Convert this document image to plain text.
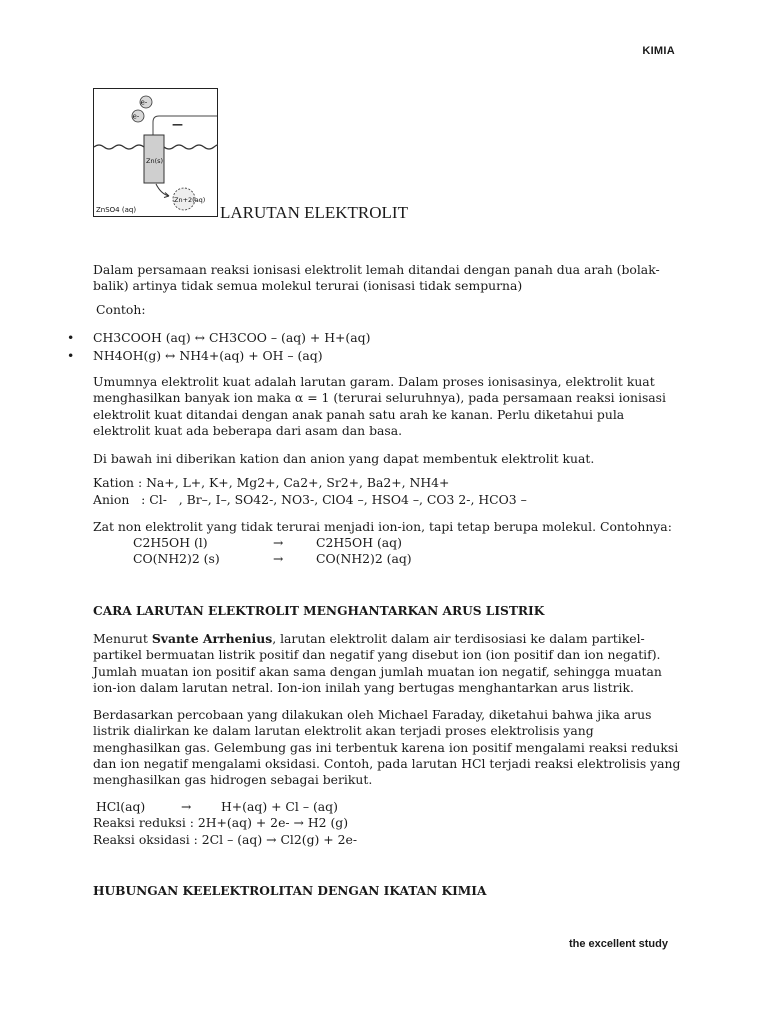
KIMIA
e-
e-
—
Zn(s)
Zn+2(aq)
ZnSO4 (aq)	LARUTAN ELEKTROLIT
Dalam persamaan reaksi ionisasi elektrolit lemah ditandai dengan panah dua arah (bolak-
balik) artinya tidak semua molekul terurai (ionisasi tidak sempurna)
Contoh:
• CH3COOH (aq) ↔ CH3COO – (aq) + H+(aq)
• NH4OH(g) ↔ NH4+(aq) + OH – (aq)
Umumnya elektrolit kuat adalah larutan garam. Dalam proses ionisasinya, elektrolit kuat
menghasilkan banyak ion maka α = 1 (terurai seluruhnya), pada persamaan reaksi ionisasi
elektrolit kuat ditandai dengan anak panah satu arah ke kanan. Perlu diketahui pula
elektrolit kuat ada beberapa dari asam dan basa.
Di bawah ini diberikan kation dan anion yang dapat membentuk elektrolit kuat.
Kation : Na+, L+, K+, Mg2+, Ca2+, Sr2+, Ba2+, NH4+
Anion   : Cl-   , Br–, I–, SO42-, NO3-, ClO4 –, HSO4 –, CO3 2-, HCO3 –
Zat non elektrolit yang tidak terurai menjadi ion-ion, tapi tetap berupa molekul. Contohnya:
C2H5OH (l)	→	C2H5OH (aq)
CO(NH2)2 (s)	→	CO(NH2)2 (aq)
CARA LARUTAN ELEKTROLIT MENGHANTARKAN ARUS LISTRIK
Menurut Svante Arrhenius, larutan elektrolit dalam air terdisosiasi ke dalam partikel-
partikel bermuatan listrik positif dan negatif yang disebut ion (ion positif dan ion negatif).
Jumlah muatan ion positif akan sama dengan jumlah muatan ion negatif, sehingga muatan
ion-ion dalam larutan netral. Ion-ion inilah yang bertugas menghantarkan arus listrik.
Berdasarkan percobaan yang dilakukan oleh Michael Faraday, diketahui bahwa jika arus
listrik dialirkan ke dalam larutan elektrolit akan terjadi proses elektrolisis yang
menghasilkan gas. Gelembung gas ini terbentuk karena ion positif mengalami reaksi reduksi
dan ion negatif mengalami oksidasi. Contoh, pada larutan HCl terjadi reaksi elektrolisis yang
menghasilkan gas hidrogen sebagai berikut.
HCl(aq)	→ H+(aq) + Cl – (aq)
Reaksi reduksi : 2H+(aq) + 2e- → H2 (g)
Reaksi oksidasi : 2Cl – (aq) → Cl2(g) + 2e-
HUBUNGAN KEELEKTROLITAN DENGAN IKATAN KIMIA
the excellent study
